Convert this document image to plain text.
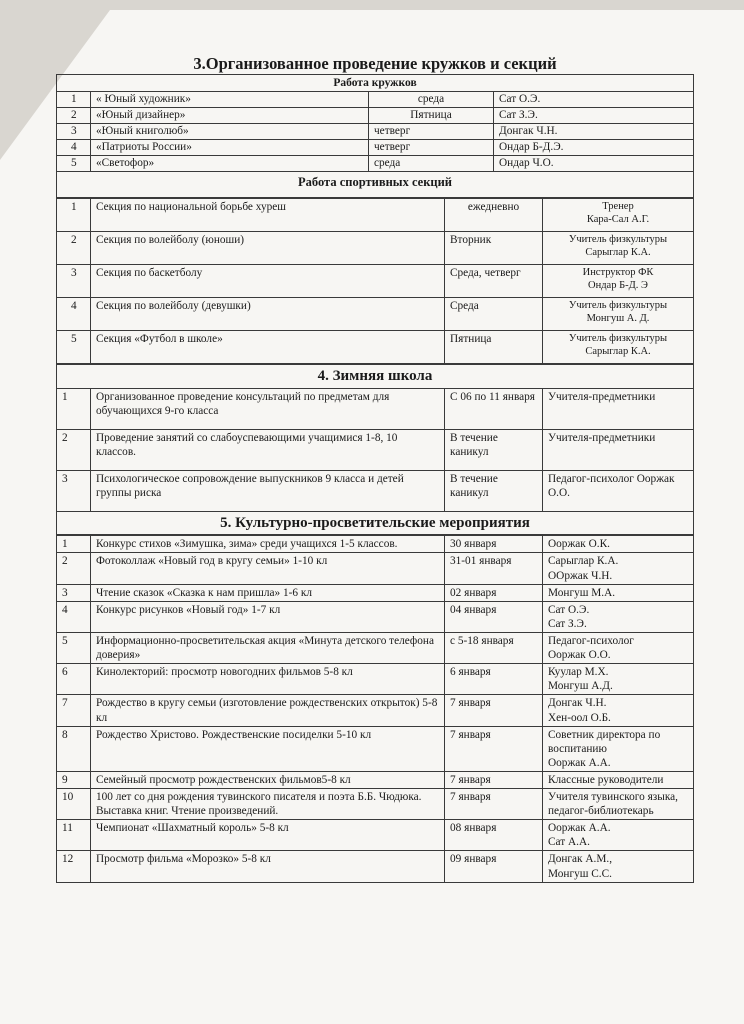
3.Организованное проведение кружков и секций
Работа кружков			
1	« Юный художник»	среда	Сат О.Э.
2	«Юный дизайнер»	Пятница	Сат З.Э.
3	«Юный книголюб»	четверг	Донгак Ч.Н.
4	«Патриоты России»	четверг	Ондар Б-Д.Э.
5	«Светофор»	среда	Ондар Ч.О.
Работа спортивных секций			
1	Секция по национальной борьбе хуреш	ежедневно	Тренер
Кара-Сал А.Г.

2	Секция по волейболу (юноши)	Вторник	Учитель физкультуры
Сарыглар К.А.

3	Секция по баскетболу	Среда, четверг	Инструктор ФК
Ондар Б-Д. Э

4	Секция по волейболу (девушки)	Среда	Учитель физкультуры
Монгуш А. Д.

5	Секция «Футбол в школе»	Пятница	Учитель физкультуры
Сарыглар К.А.
4. Зимняя школа			
1	Организованное проведение консультаций по предметам для обучающихся 9-го класса	С 06 по 11 января	Учителя-предметники
2	Проведение занятий со слабоуспевающими учащимися 1-8, 10 классов.	В течение каникул	Учителя-предметники
3	Психологическое сопровождение выпускников 9 класса и детей группы риска	В течение каникул	Педагог-психолог Ооржак О.О.
5. Культурно-просветительские мероприятия			
1	Конкурс стихов «Зимушка, зима» среди учащихся 1-5 классов.	30 января	Ооржак О.К.
2	Фотоколлаж «Новый год в кругу семьи» 1-10 кл	31-01 января	Сарыглар К.А.
ООржак Ч.Н.
3	Чтение сказок «Сказка к нам пришла» 1-6 кл	02 января	Монгуш М.А.
4	Конкурс рисунков «Новый год» 1-7 кл	04 января	Сат О.Э.
Сат З.Э.
5	Информационно-просветительская акция «Минута детского телефона доверия»	с 5-18 января	Педагог-психолог
Ооржак О.О.
6	Кинолекторий: просмотр новогодних фильмов 5-8 кл	6 января	Куулар М.Х.
Монгуш А.Д.
7	Рождество в кругу семьи (изготовление рождественских открыток) 5-8 кл	7 января	Донгак Ч.Н.
Хен-оол О.Б.
8	Рождество Христово. Рождественские посиделки 5-10 кл	7 января	Советник директора по воспитанию
Ооржак А.А.
9	Семейный просмотр рождественских фильмов5-8 кл	7 января	Классные руководители
10	100 лет со дня рождения тувинского писателя и поэта Б.Б. Чюдюка. Выставка книг. Чтение произведений.	7 января	Учителя тувинского языка, педагог-библиотекарь
11	Чемпионат «Шахматный король» 5-8 кл	08 января	Ооржак А.А.
Сат А.А.
12	Просмотр фильма «Морозко» 5-8 кл	09 января	Донгак А.М.,
Монгуш С.С.
